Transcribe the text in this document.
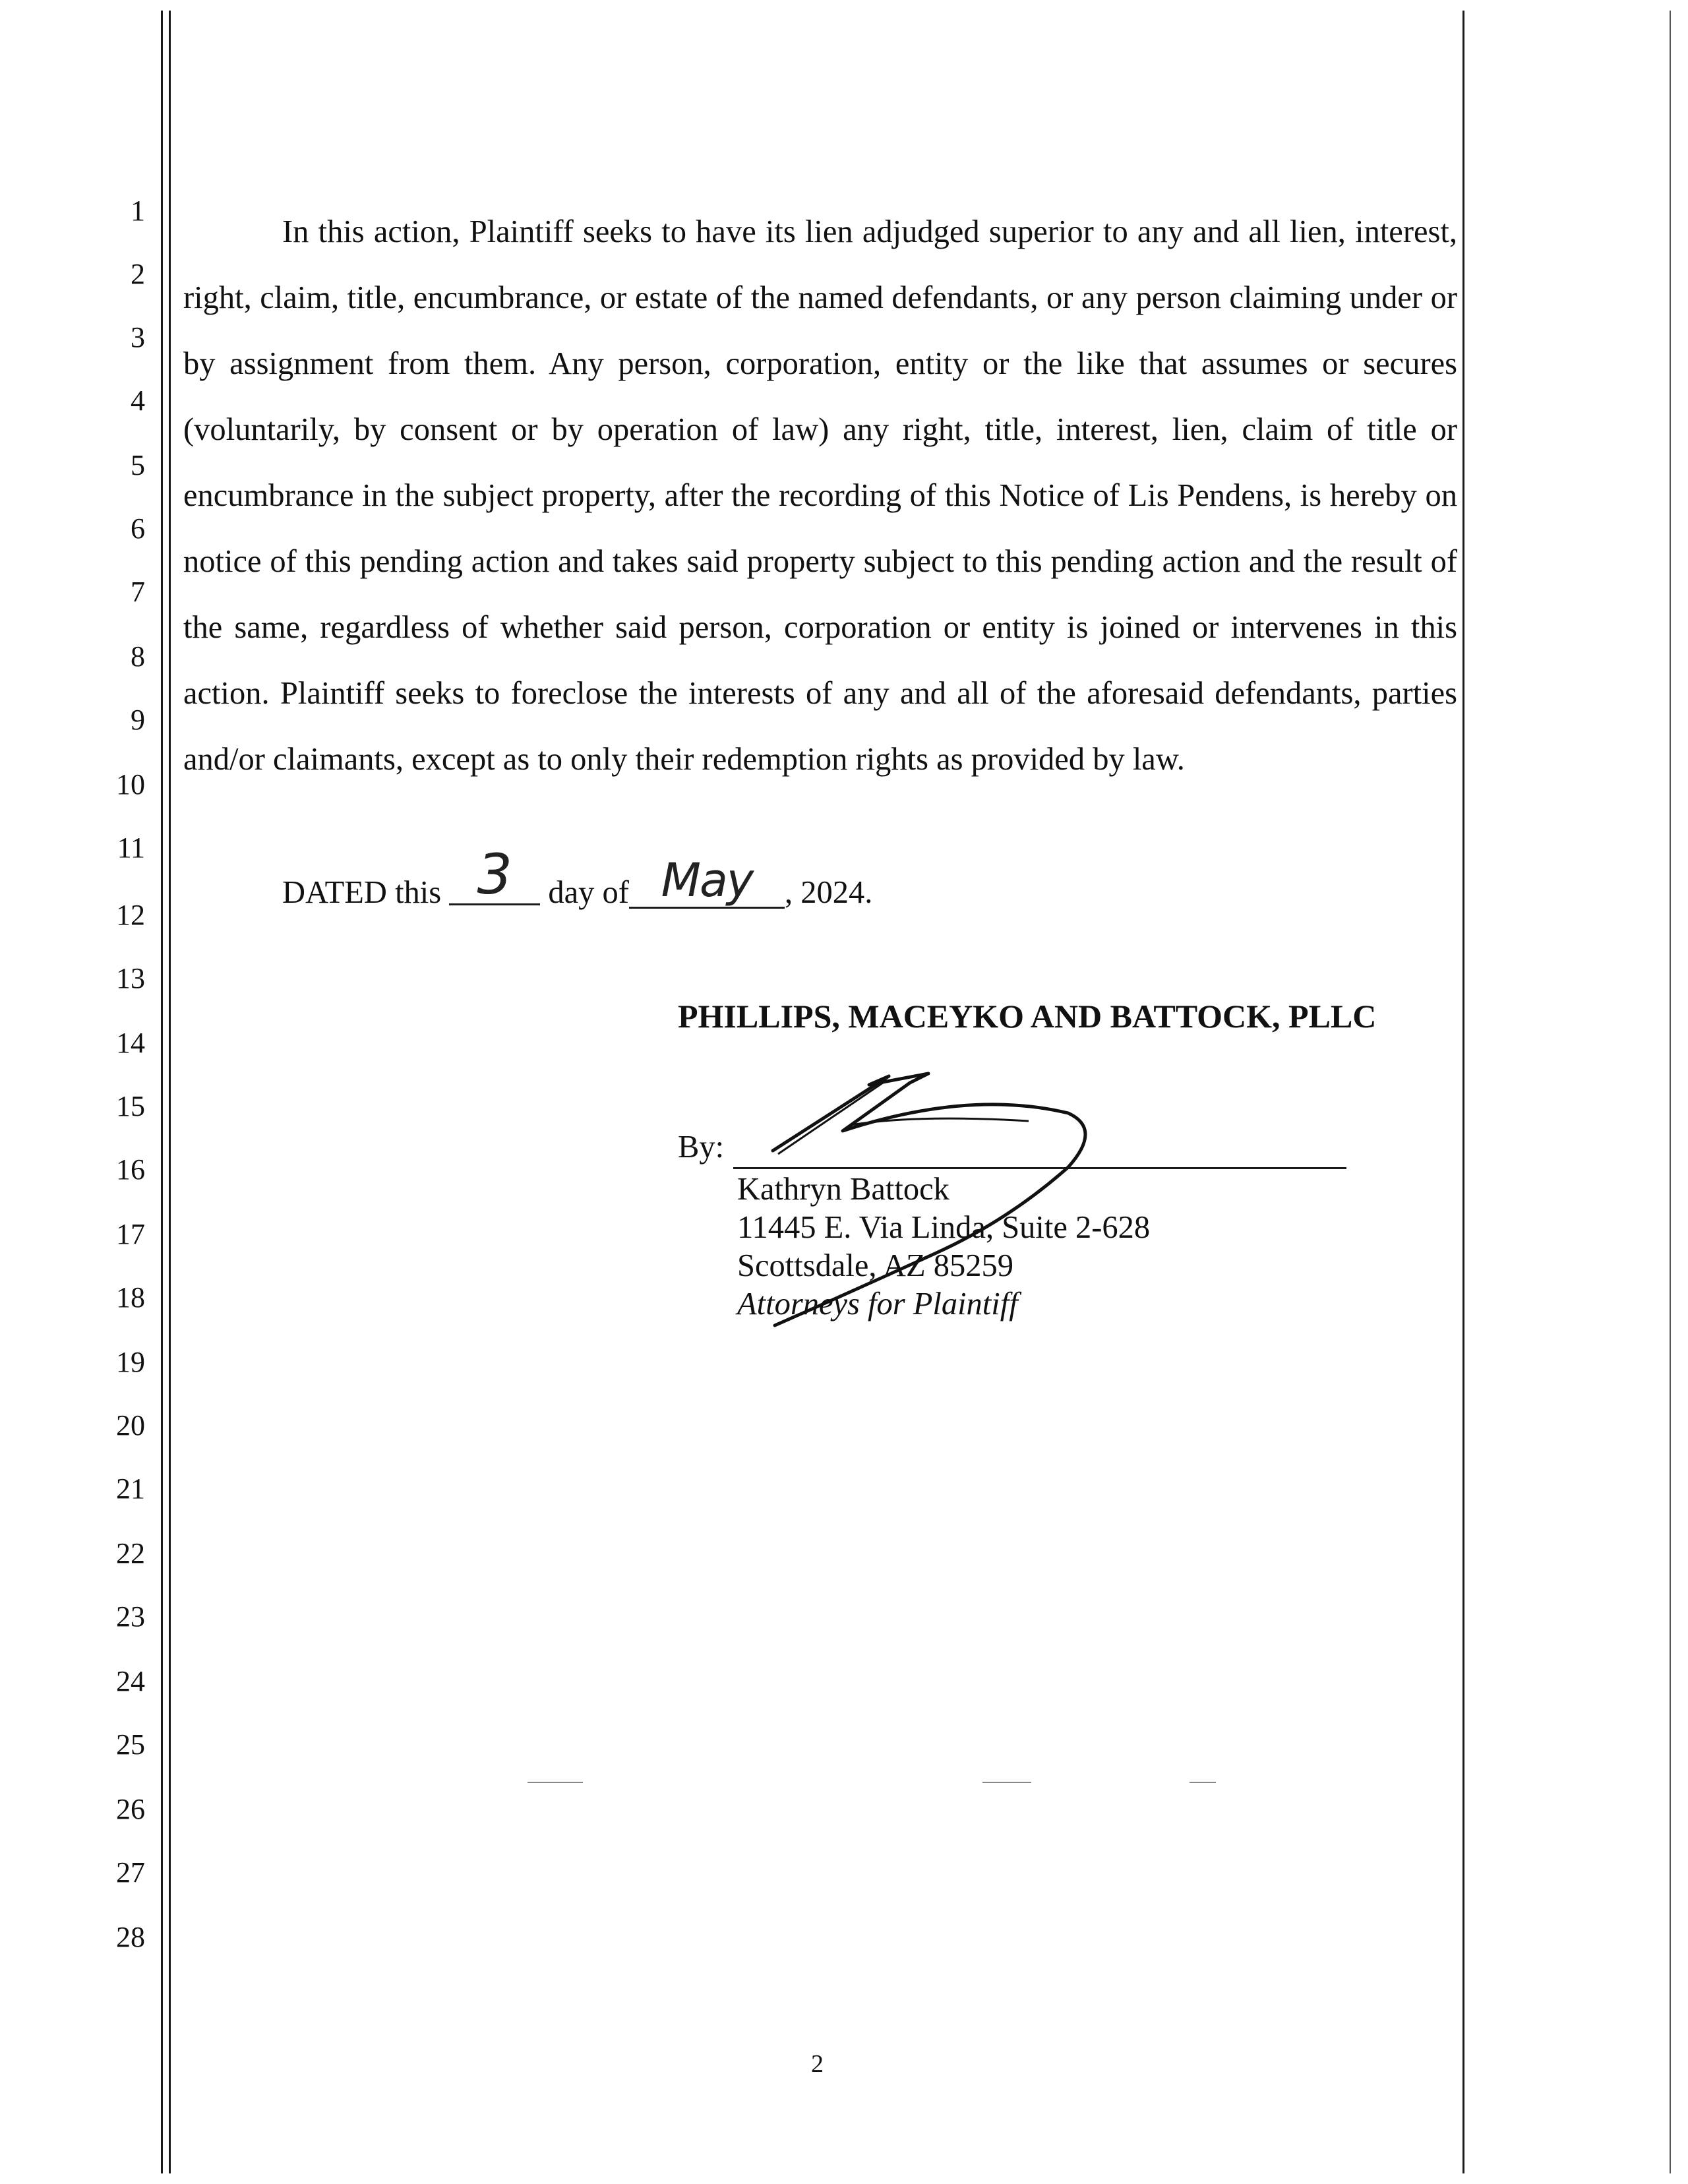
1
2
3
4
5
6
7
8
9
10
11
12
13
14
15
16
17
18
19
20
21
22
23
24
25
26
27
28

In this action, Plaintiff seeks to have its lien adjudged superior to any and all lien, interest, right, claim, title, encumbrance, or estate of the named defendants, or any person claiming under or by assignment from them. Any person, corporation, entity or the like that assumes or secures (voluntarily, by consent or by operation of law) any right, title, interest, lien, claim of title or encumbrance in the subject property, after the recording of this Notice of Lis Pendens, is hereby on notice of this pending action and takes said property subject to this pending action and the result of the same, regardless of whether said person, corporation or entity is joined or intervenes in this action. Plaintiff seeks to foreclose the interests of any and all of the aforesaid defendants, parties and/or claimants, except as to only their redemption rights as provided by law.

DATED this 3 day of May , 2024.
PHILLIPS, MACEYKO AND BATTOCK, PLLC
By:
Kathryn Battock
11445 E. Via Linda, Suite 2-628
Scottsdale, AZ 85259
Attorneys for Plaintiff
2
